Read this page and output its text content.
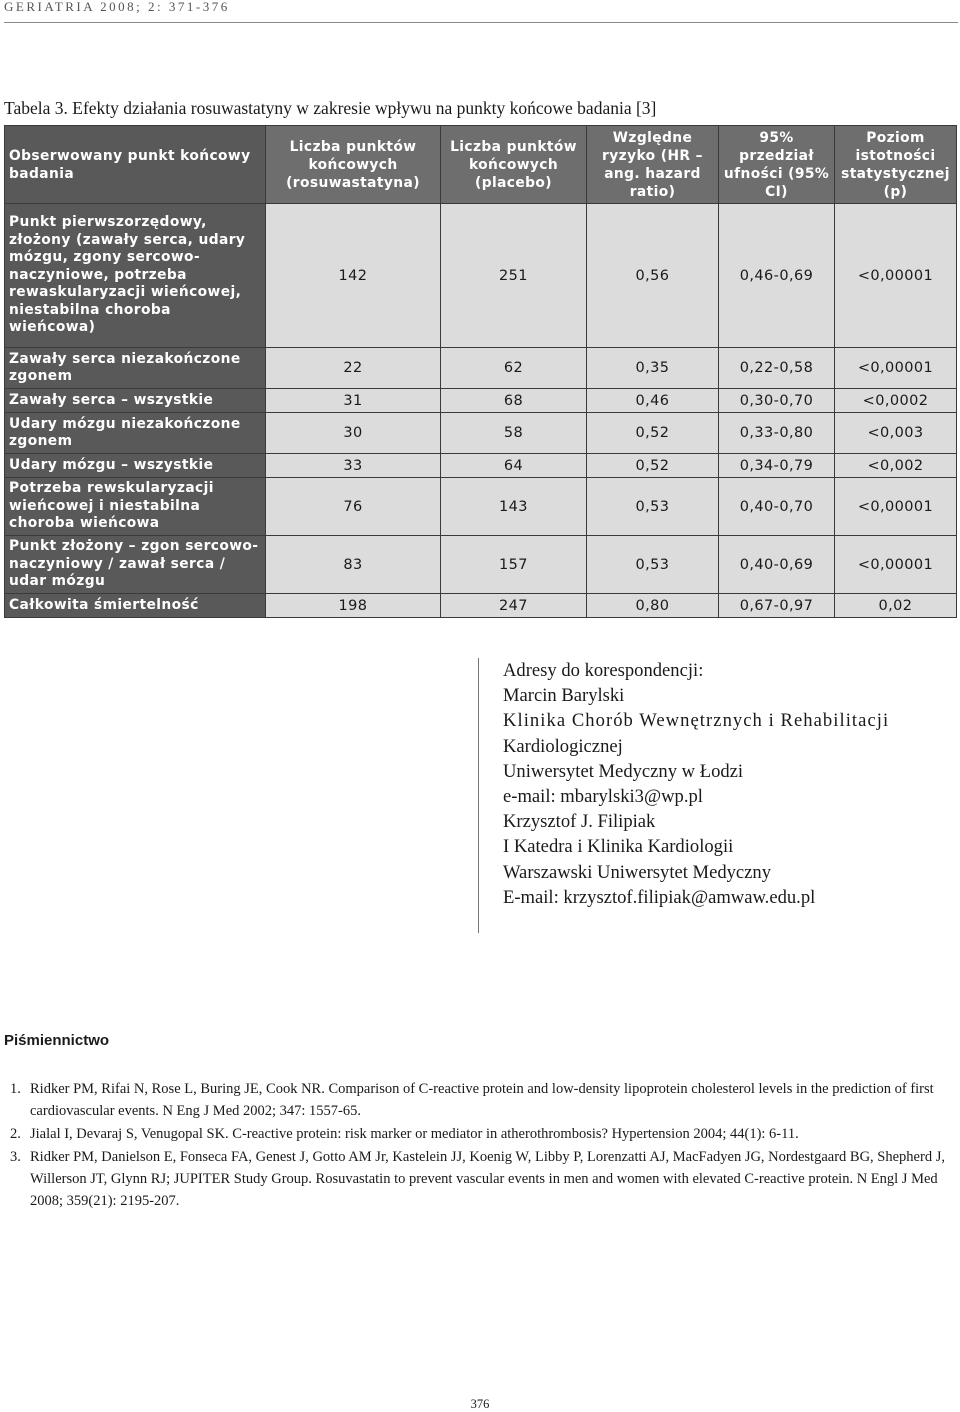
GERIATRIA 2008; 2: 371-376
Tabela 3. Efekty działania rosuwastatyny w zakresie wpływu na punkty końcowe badania [3]
Obserwowany punkt końcowy badania	Liczba punktów końcowych (rosuwastatyna)	Liczba punktów końcowych (placebo)	Względne ryzyko (HR – ang. hazard ratio)	95% przedział ufności (95% CI)	Poziom istotności statystycznej (p)
Punkt pierwszorzędowy, złożony (zawały serca, udary mózgu, zgony sercowo-naczyniowe, potrzeba rewaskularyzacji wieńcowej, niestabilna choroba wieńcowa)	142	251	0,56	0,46-0,69	<0,00001
Zawały serca niezakończone zgonem	22	62	0,35	0,22-0,58	<0,00001
Zawały serca – wszystkie	31	68	0,46	0,30-0,70	<0,0002
Udary mózgu niezakończone zgonem	30	58	0,52	0,33-0,80	<0,003
Udary mózgu – wszystkie	33	64	0,52	0,34-0,79	<0,002
Potrzeba rewskularyzacji wieńcowej i niestabilna choroba wieńcowa	76	143	0,53	0,40-0,70	<0,00001
Punkt złożony – zgon sercowo-naczyniowy / zawał serca / udar mózgu	83	157	0,53	0,40-0,69	<0,00001
Całkowita śmiertelność	198	247	0,80	0,67-0,97	0,02
Adresy do korespondencji:
Marcin Barylski
Klinika Chorób Wewnętrznych i Rehabilitacji
Kardiologicznej
Uniwersytet Medyczny w Łodzi
e-mail: mbarylski3@wp.pl
Krzysztof J. Filipiak
I Katedra i Klinika Kardiologii
Warszawski Uniwersytet Medyczny
E-mail: krzysztof.filipiak@amwaw.edu.pl
Piśmiennictwo
1. Ridker PM, Rifai N, Rose L, Buring JE, Cook NR. Comparison of C-reactive protein and low-density lipoprotein cholesterol levels in the prediction of first cardiovascular events. N Eng J Med 2002; 347: 1557-65.
2. Jialal I, Devaraj S, Venugopal SK. C-reactive protein: risk marker or mediator in atherothrombosis? Hypertension 2004; 44(1): 6-11.
3. Ridker PM, Danielson E, Fonseca FA, Genest J, Gotto AM Jr, Kastelein JJ, Koenig W, Libby P, Lorenzatti AJ, MacFadyen JG, Nordestgaard BG, Shepherd J, Willerson JT, Glynn RJ; JUPITER Study Group. Rosuvastatin to prevent vascular events in men and women with elevated C-reactive protein. N Engl J Med 2008; 359(21): 2195-207.
376
